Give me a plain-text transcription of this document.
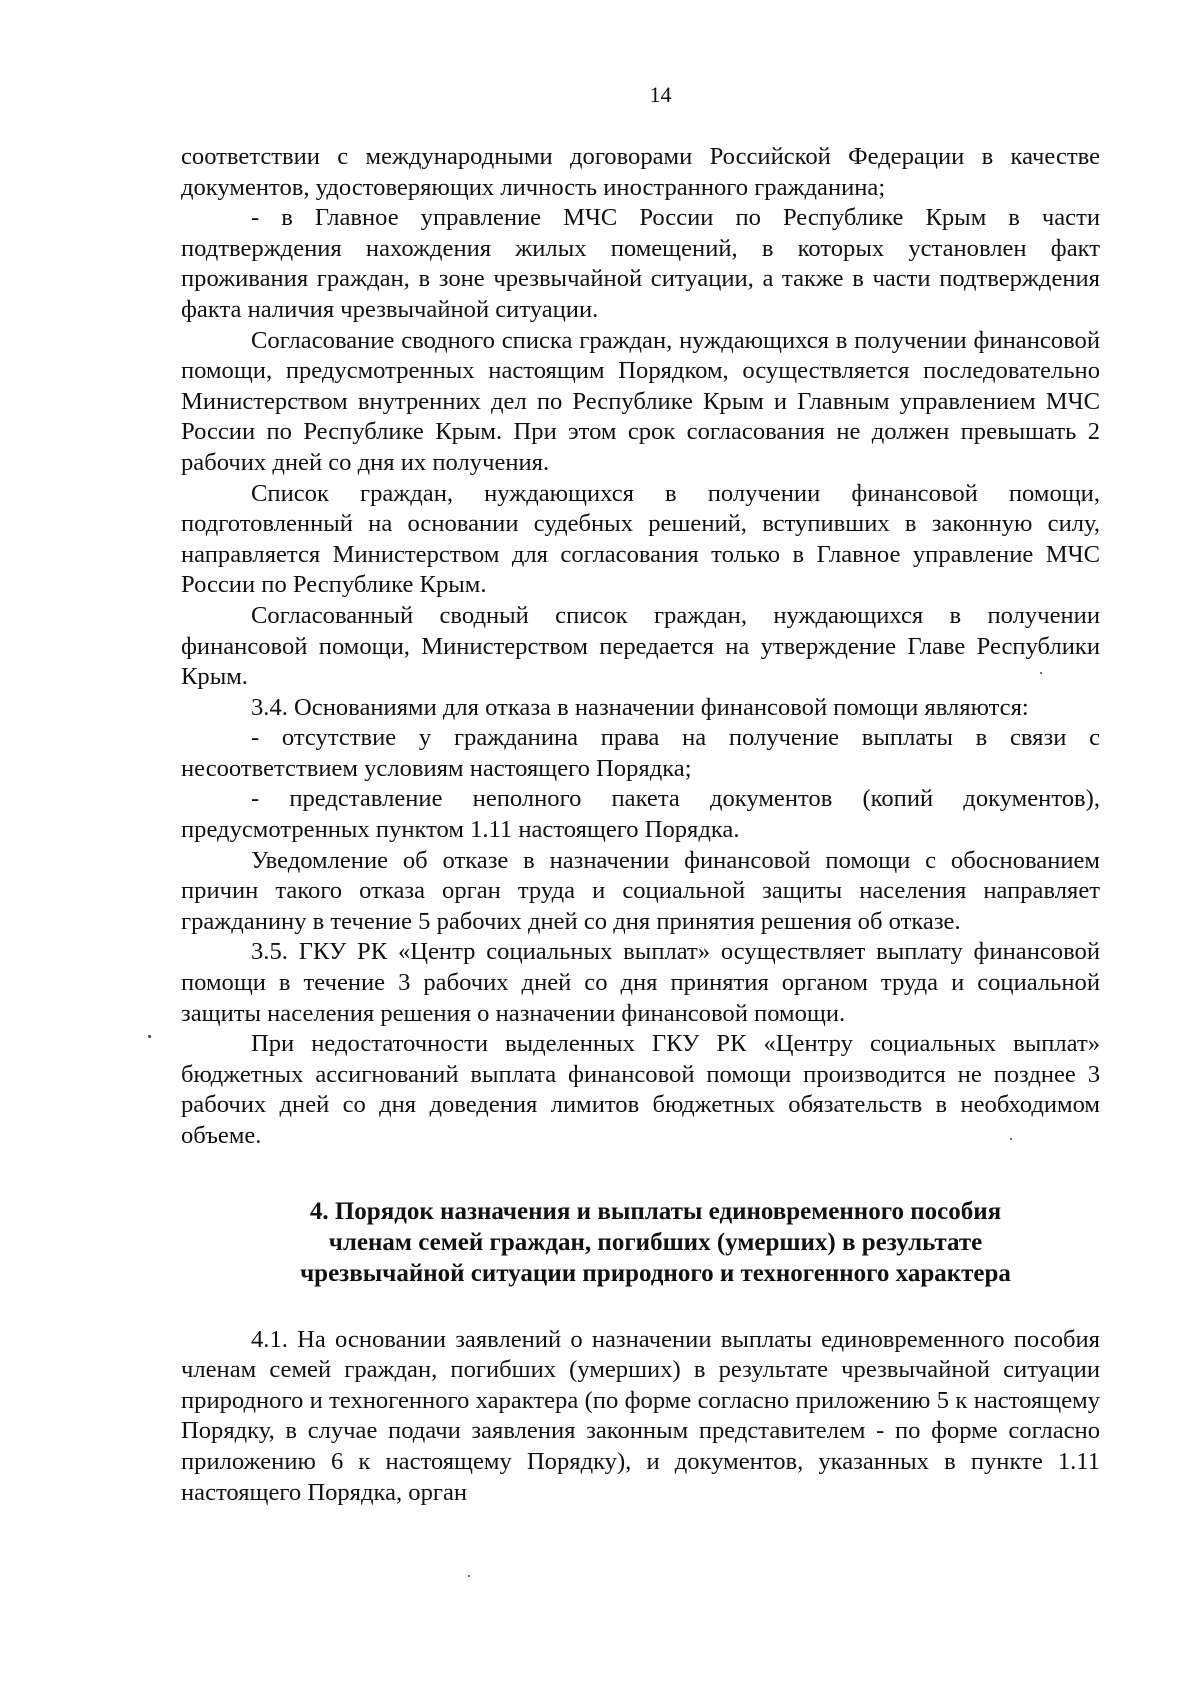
14

соответствии с международными договорами Российской Федерации в качестве документов, удостоверяющих личность иностранного гражданина;

- в Главное управление МЧС России по Республике Крым в части подтверждения нахождения жилых помещений, в которых установлен факт проживания граждан, в зоне чрезвычайной ситуации, а также в части подтверждения факта наличия чрезвычайной ситуации.

Согласование сводного списка граждан, нуждающихся в получении финансовой помощи, предусмотренных настоящим Порядком, осуществляется последовательно Министерством внутренних дел по Республике Крым и Главным управлением МЧС России по Республике Крым. При этом срок согласования не должен превышать 2 рабочих дней со дня их получения.

Список граждан, нуждающихся в получении финансовой помощи, подготовленный на основании судебных решений, вступивших в законную силу, направляется Министерством для согласования только в Главное управление МЧС России по Республике Крым.

Согласованный сводный список граждан, нуждающихся в получении финансовой помощи, Министерством передается на утверждение Главе Республики Крым.

3.4. Основаниями для отказа в назначении финансовой помощи являются:

- отсутствие у гражданина права на получение выплаты в связи с несоответствием условиям настоящего Порядка;

- представление неполного пакета документов (копий документов), предусмотренных пунктом 1.11 настоящего Порядка.

Уведомление об отказе в назначении финансовой помощи с обоснованием причин такого отказа орган труда и социальной защиты населения направляет гражданину в течение 5 рабочих дней со дня принятия решения об отказе.

3.5. ГКУ РК «Центр социальных выплат» осуществляет выплату финансовой помощи в течение 3 рабочих дней со дня принятия органом труда и социальной защиты населения решения о назначении финансовой помощи.

При недостаточности выделенных ГКУ РК «Центру социальных выплат» бюджетных ассигнований выплата финансовой помощи производится не позднее 3 рабочих дней со дня доведения лимитов бюджетных обязательств в необходимом объеме.

4. Порядок назначения и выплаты единовременного пособия
членам семей граждан, погибших (умерших) в результате
чрезвычайной ситуации природного и техногенного характера

4.1. На основании заявлений о назначении выплаты единовременного пособия членам семей граждан, погибших (умерших) в результате чрезвычайной ситуации природного и техногенного характера (по форме согласно приложению 5 к настоящему Порядку, в случае подачи заявления законным представителем - по форме согласно приложению 6 к настоящему Порядку), и документов, указанных в пункте 1.11 настоящего Порядка, орган
